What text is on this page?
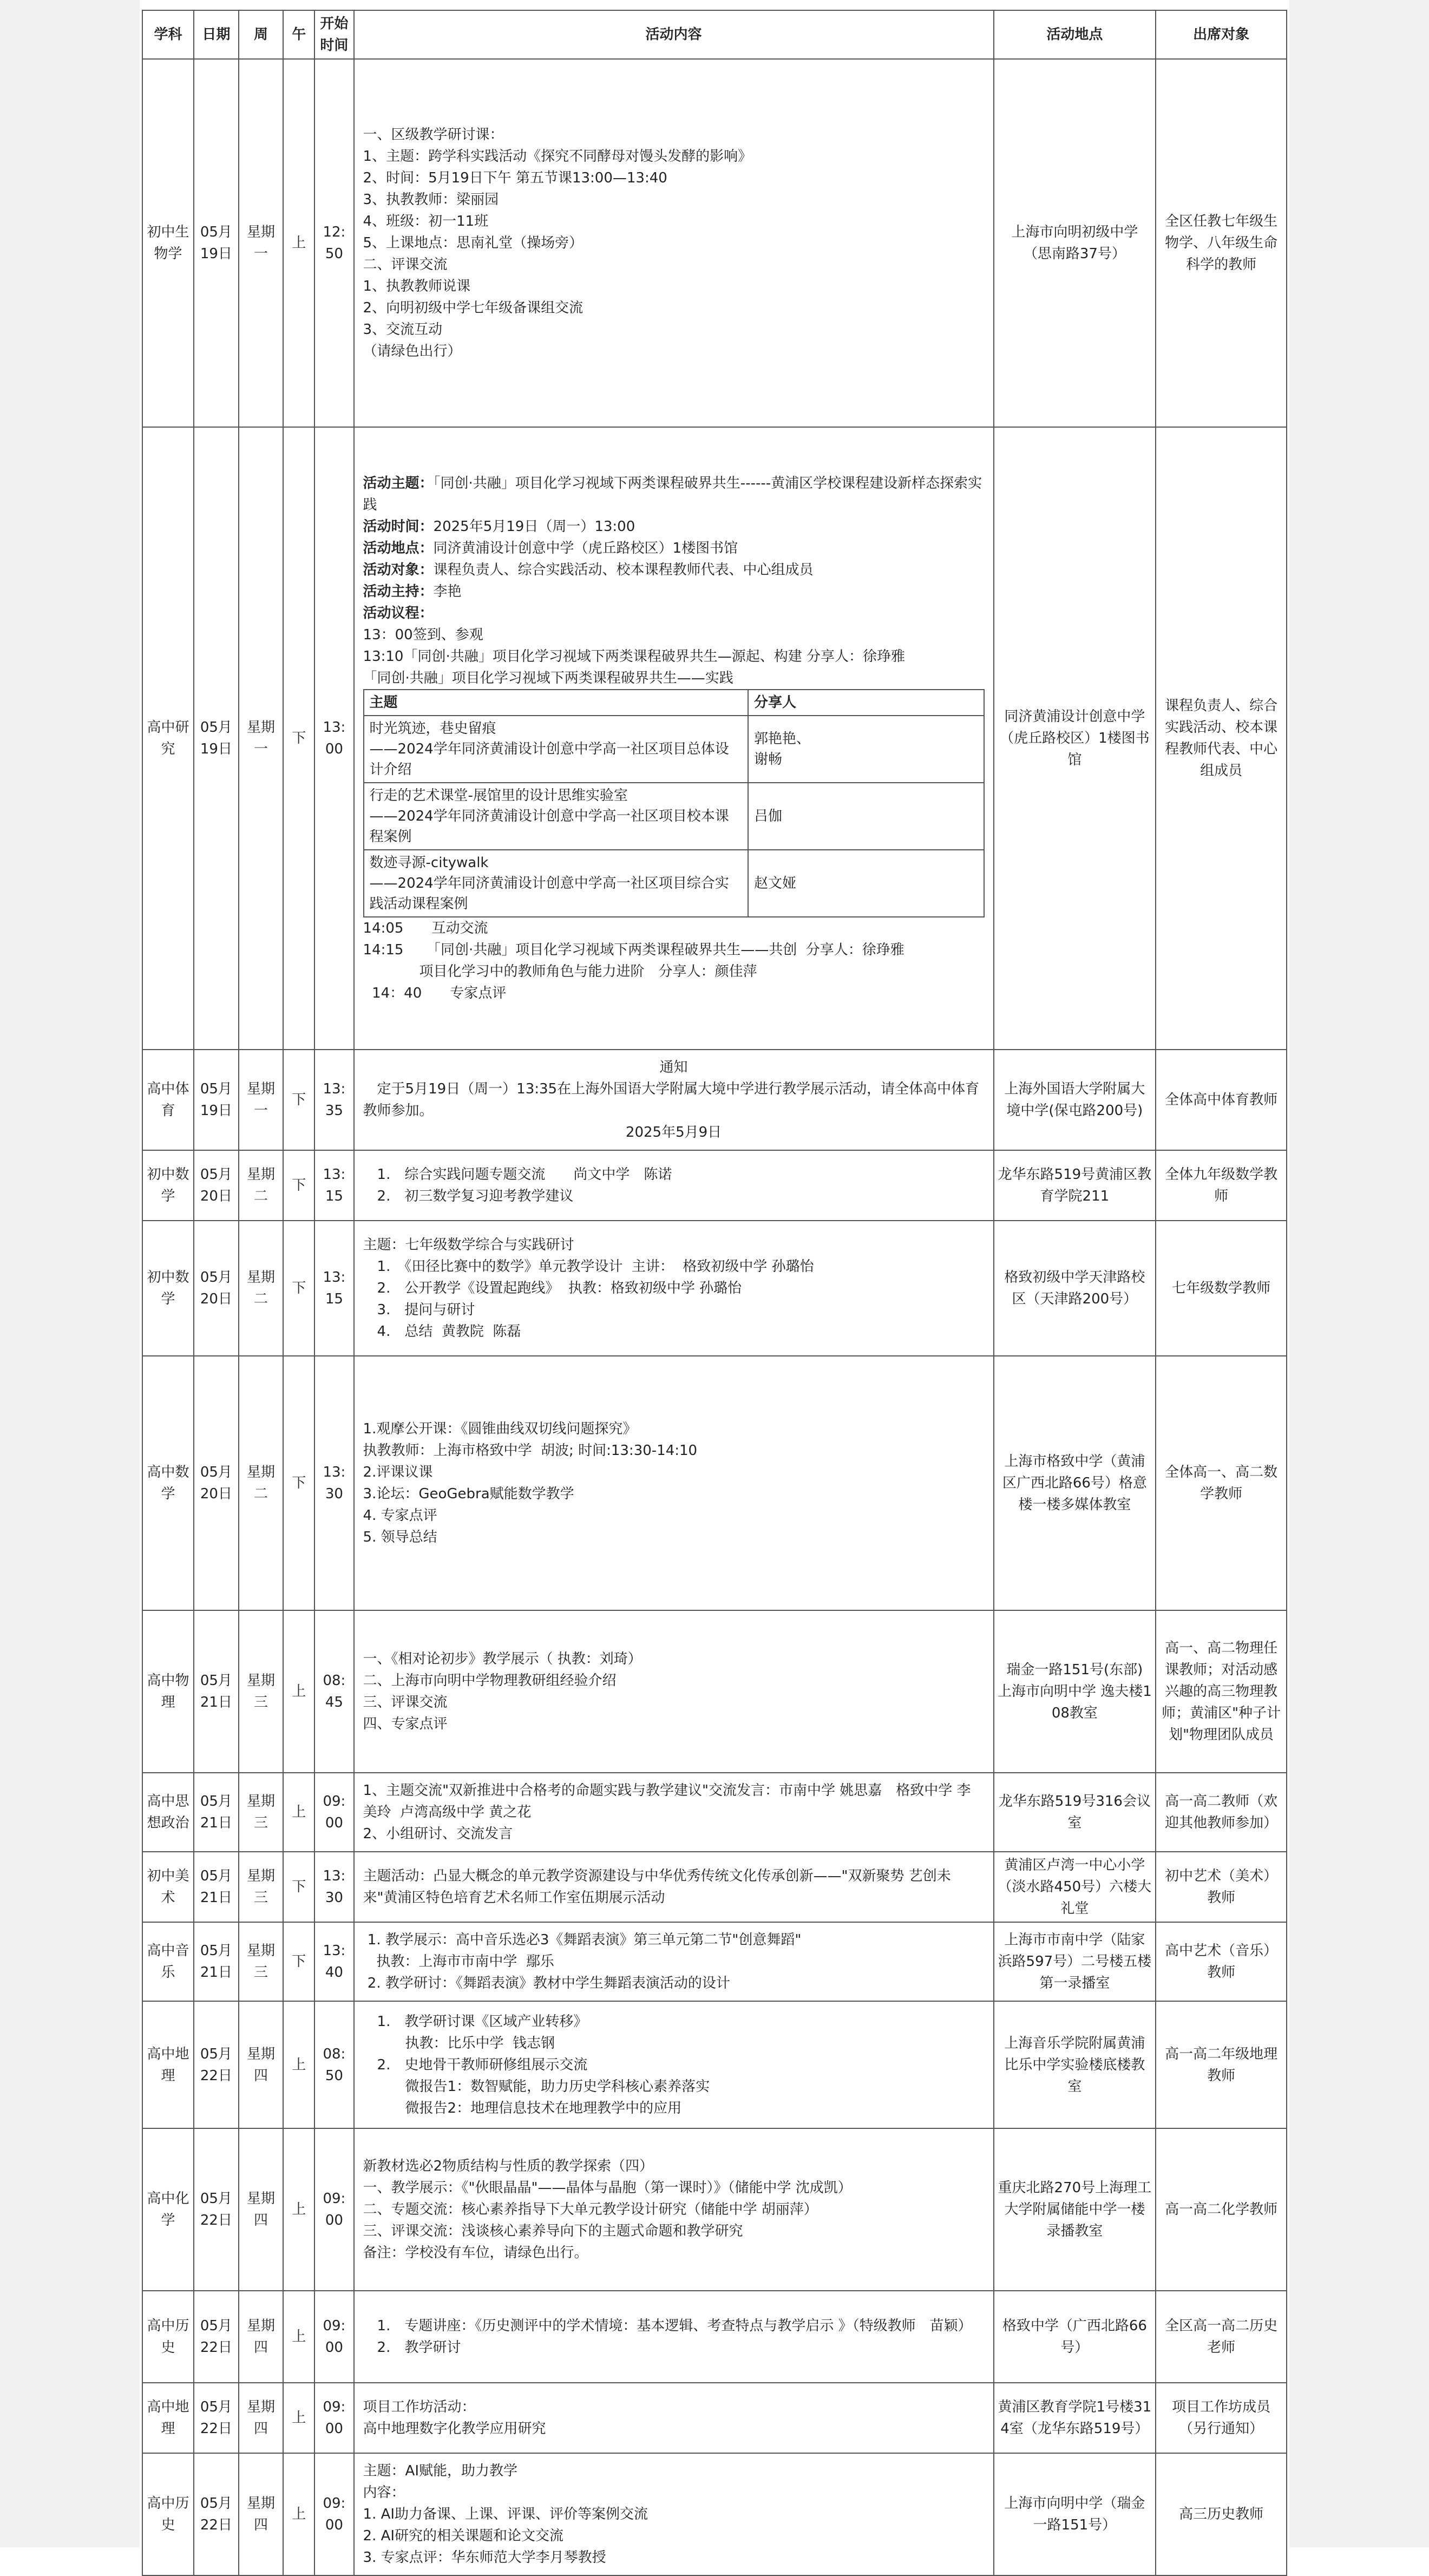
学科	日期	周	午	开始时间	活动内容	活动地点	出席对象
初中生物学	05月19日	星期一	上	12:50	
一、区级教学研讨课：
1、主题：跨学科实践活动《探究不同酵母对馒头发酵的影响》
2、时间：5月19日下午 第五节课13:00—13:40
3、执教教师：梁丽园
4、班级：初一11班
5、上课地点：思南礼堂（操场旁）
二、评课交流
1、执教教师说课
2、向明初级中学七年级备课组交流
3、交流互动
（请绿色出行）
	上海市向明初级中学（思南路37号）	全区任教七年级生物学、八年级生命科学的教师
高中研究	05月19日	星期一	下	13:00	
活动主题：「同创·共融」项目化学习视域下两类课程破界共生------黄浦区学校课程建设新样态探索实践
活动时间：2025年5月19日（周一）13:00
活动地点：同济黄浦设计创意中学（虎丘路校区）1楼图书馆
活动对象：课程负责人、综合实践活动、校本课程教师代表、中心组成员
活动主持：李艳
活动议程：
13：00签到、参观
13:10「同创·共融」项目化学习视域下两类课程破界共生—源起、构建 分享人：徐琤雅
「同创·共融」项目化学习视域下两类课程破界共生——实践
主题	分享人
时光筑迹，巷史留痕
——2024学年同济黄浦设计创意中学高一社区项目总体设计介绍	郭艳艳、
谢畅
行走的艺术课堂-展馆里的设计思维实验室
——2024学年同济黄浦设计创意中学高一社区项目校本课程案例	吕伽
数迹寻源-citywalk
——2024学年同济黄浦设计创意中学高一社区项目综合实践活动课程案例	赵文娅
14:05　　互动交流
14:15　  「同创·共融」项目化学习视域下两类课程破界共生——共创  分享人：徐琤雅
　　　　项目化学习中的教师角色与能力进阶　分享人：颜佳萍
14：40　　专家点评
	同济黄浦设计创意中学（虎丘路校区）1楼图书馆	课程负责人、综合实践活动、校本课程教师代表、中心组成员
高中体育	05月19日	星期一	下	13:35	
通知
　定于5月19日（周一）13:35在上海外国语大学附属大境中学进行教学展示活动，请全体高中体育教师参加。
2025年5月9日
	上海外国语大学附属大境中学(保屯路200号)	全体高中体育教师
初中数学	05月20日	星期二	下	13:15	
　1.　综合实践问题专题交流　　尚文中学　陈诺
　2.　初三数学复习迎考教学建议
	龙华东路519号黄浦区教育学院211	全体九年级数学教师
初中数学	05月20日	星期二	下	13:15	
主题：七年级数学综合与实践研讨
　1.　《田径比赛中的数学》单元教学设计  主讲：  格致初级中学 孙璐怡
　2.　公开教学《设置起跑线》  执教：格致初级中学 孙璐怡
　3.　提问与研讨
　4.　总结  黄教院  陈磊
	格致初级中学天津路校区（天津路200号）	七年级数学教师
高中数学	05月20日	星期二	下	13:30	
1.观摩公开课：《圆锥曲线双切线问题探究》
执教教师：上海市格致中学  胡波; 时间:13:30-14:10
2.评课议课
3.论坛：GeoGebra赋能数学教学
4. 专家点评
5. 领导总结
	上海市格致中学（黄浦区广西北路66号）格意楼一楼多媒体教室	全体高一、高二数学教师
高中物理	05月21日	星期三	上	08:45	
一、《相对论初步》教学展示（ 执教：刘琦）
二、上海市向明中学物理教研组经验介绍
三、评课交流
四、专家点评
	瑞金一路151号(东部) 上海市向明中学 逸夫楼108教室	高一、高二物理任课教师；对活动感兴趣的高三物理教师；黄浦区"种子计划"物理团队成员
高中思想政治	05月21日	星期三	上	09:00	
1、主题交流"双新推进中合格考的命题实践与教学建议"交流发言：市南中学 姚思嘉　格致中学 李美玲  卢湾高级中学 黄之花
2、小组研讨、交流发言
	龙华东路519号316会议室	高一高二教师（欢迎其他教师参加）
初中美术	05月21日	星期三	下	13:30	
主题活动：凸显大概念的单元教学资源建设与中华优秀传统文化传承创新——"双新聚势 艺创未来"黄浦区特色培育艺术名师工作室伍期展示活动
	黄浦区卢湾一中心小学（淡水路450号）六楼大礼堂	初中艺术（美术）教师
高中音乐	05月21日	星期三	下	13:40	
1. 教学展示：高中音乐选必3《舞蹈表演》第三单元第二节"创意舞蹈"
执教：上海市市南中学  鄢乐
2. 教学研讨：《舞蹈表演》教材中学生舞蹈表演活动的设计
	上海市市南中学（陆家浜路597号）二号楼五楼第一录播室	高中艺术（音乐）教师
高中地理	05月22日	星期四	上	08:50	
　1.　教学研讨课《区域产业转移》
　　　执教：比乐中学  钱志钢
　2.　史地骨干教师研修组展示交流
　　　微报告1：数智赋能，助力历史学科核心素养落实
　　　微报告2：地理信息技术在地理教学中的应用
	上海音乐学院附属黄浦比乐中学实验楼底楼教室	高一高二年级地理教师
高中化学	05月22日	星期四	上	09:00	
新教材选必2物质结构与性质的教学探索（四）
一、教学展示：《"伙眼晶晶"——晶体与晶胞（第一课时）》（储能中学 沈成凯）
二、专题交流：核心素养指导下大单元教学设计研究（储能中学 胡丽萍）
三、评课交流：浅谈核心素养导向下的主题式命题和教学研究
备注：学校没有车位，请绿色出行。
	重庆北路270号上海理工大学附属储能中学一楼录播教室	高一高二化学教师
高中历史	05月22日	星期四	上	09:00	
　1.　专题讲座：《历史测评中的学术情境：基本逻辑、考查特点与教学启示 》（特级教师　苗颖）
　2.　教学研讨
	格致中学（广西北路66号）	全区高一高二历史老师
高中地理	05月22日	星期四	上	09:00	
项目工作坊活动：
高中地理数字化教学应用研究
	黄浦区教育学院1号楼314室（龙华东路519号）	项目工作坊成员（另行通知）
高中历史	05月22日	星期四	上	09:00	
主题：AI赋能，助力教学
内容：
1. AI助力备课、上课、评课、评价等案例交流
2. AI研究的相关课题和论文交流
3. 专家点评：华东师范大学李月琴教授
	上海市向明中学（瑞金一路151号）	高三历史教师
